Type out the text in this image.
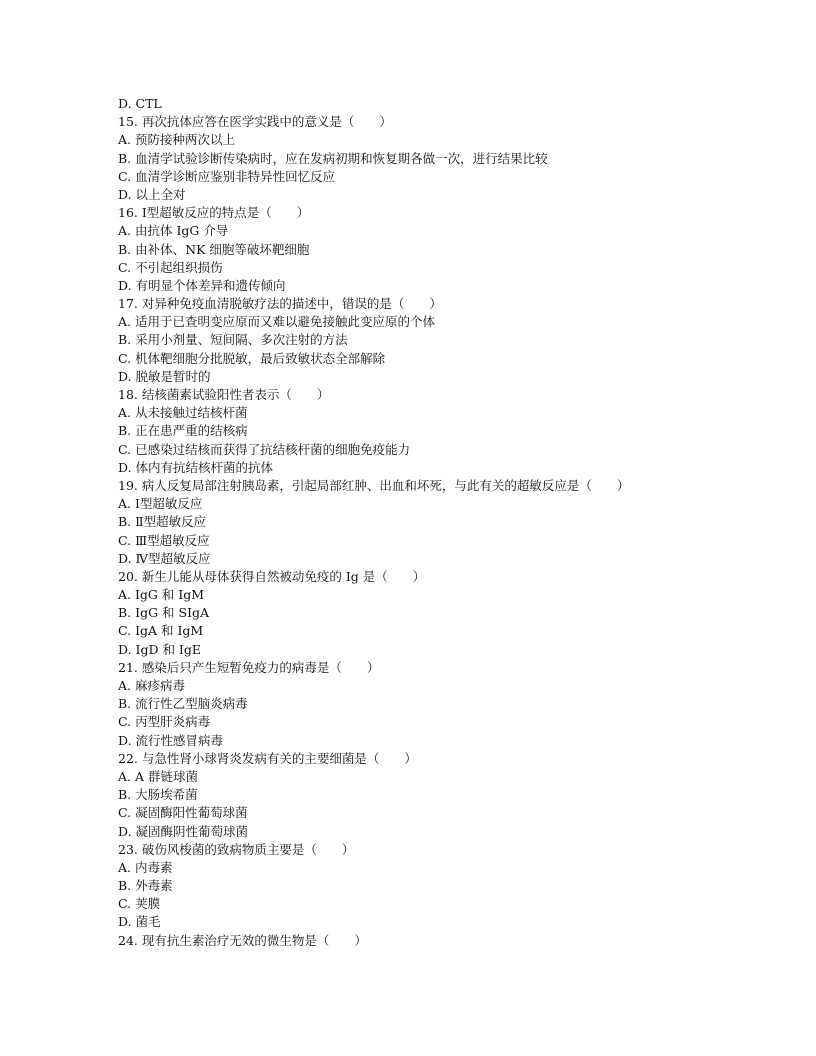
D. CTL
15. 再次抗体应答在医学实践中的意义是（　　）
A. 预防接种两次以上
B. 血清学试验诊断传染病时，应在发病初期和恢复期各做一次，进行结果比较
C. 血清学诊断应鉴别非特异性回忆反应
D. 以上全对
16. Ⅰ型超敏反应的特点是（　　）
A. 由抗体 IgG 介导
B. 由补体、NK 细胞等破坏靶细胞
C. 不引起组织损伤
D. 有明显个体差异和遗传倾向
17. 对异种免疫血清脱敏疗法的描述中，错误的是（　　）
A. 适用于已查明变应原而又难以避免接触此变应原的个体
B. 采用小剂量、短间隔、多次注射的方法
C. 机体靶细胞分批脱敏，最后致敏状态全部解除
D. 脱敏是暂时的
18. 结核菌素试验阳性者表示（　　）
A. 从未接触过结核杆菌
B. 正在患严重的结核病
C. 已感染过结核而获得了抗结核杆菌的细胞免疫能力
D. 体内有抗结核杆菌的抗体
19. 病人反复局部注射胰岛素，引起局部红肿、出血和坏死，与此有关的超敏反应是（　　）
A. Ⅰ型超敏反应
B. Ⅱ型超敏反应
C. Ⅲ型超敏反应
D. Ⅳ型超敏反应
20. 新生儿能从母体获得自然被动免疫的 Ig 是（　　）
A. IgG 和 IgM
B. IgG 和 SIgA
C. IgA 和 IgM
D. IgD 和 IgE
21. 感染后只产生短暂免疫力的病毒是（　　）
A. 麻疹病毒
B. 流行性乙型脑炎病毒
C. 丙型肝炎病毒
D. 流行性感冒病毒
22. 与急性肾小球肾炎发病有关的主要细菌是（　　）
A. A 群链球菌
B. 大肠埃希菌
C. 凝固酶阳性葡萄球菌
D. 凝固酶阴性葡萄球菌
23. 破伤风梭菌的致病物质主要是（　　）
A. 内毒素
B. 外毒素
C. 荚膜
D. 菌毛
24. 现有抗生素治疗无效的微生物是（　　）
